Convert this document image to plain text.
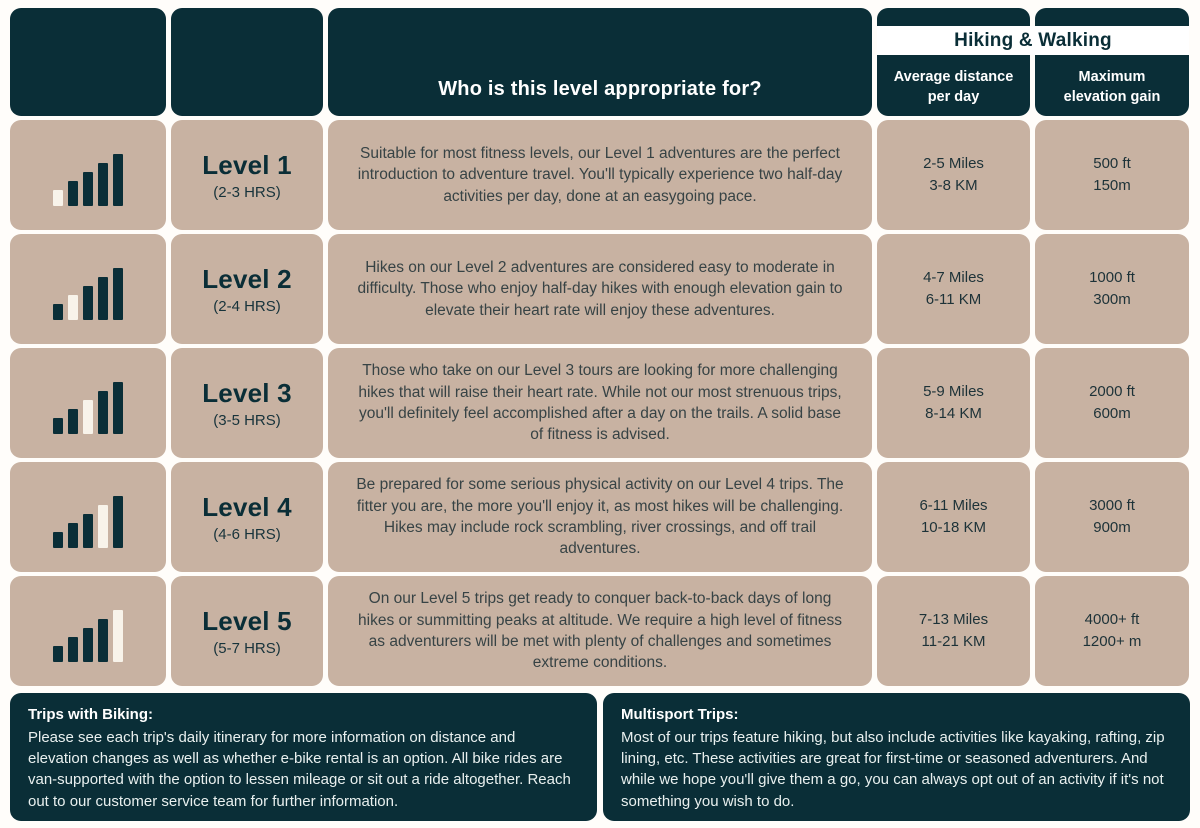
Who is this level appropriate for?
Average distance per day
Maximum elevation gain
Hiking & Walking
Level 1
(2-3 HRS)

Suitable for most fitness levels, our Level 1 adventures are the perfect introduction to adventure travel. You'll typically experience two half-day activities per day, done at an easygoing pace.

2-5 Miles
3-8 KM
500 ft
150m
Level 2
(2-4 HRS)

Hikes on our Level 2 adventures are considered easy to moderate in difficulty. Those who enjoy half-day hikes with enough elevation gain to elevate their heart rate will enjoy these adventures.

4-7 Miles
6-11 KM
1000 ft
300m
Level 3
(3-5 HRS)

Those who take on our Level 3 tours are looking for more challenging hikes that will raise their heart rate. While not our most strenuous trips, you'll definitely feel accomplished after a day on the trails. A solid base of fitness is advised.

5-9 Miles
8-14 KM
2000 ft
600m
Level 4
(4-6 HRS)

Be prepared for some serious physical activity on our Level 4 trips. The fitter you are, the more you'll enjoy it, as most hikes will be challenging. Hikes may include rock scrambling, river crossings, and off trail adventures.

6-11 Miles
10-18 KM
3000 ft
900m
Level 5
(5-7 HRS)

On our Level 5 trips get ready to conquer back-to-back days of long hikes or summitting peaks at altitude. We require a high level of fitness as adventurers will be met with plenty of challenges and sometimes extreme conditions.

7-13 Miles
11-21 KM
4000+ ft
1200+ m

Trips with Biking:

Please see each trip's daily itinerary for more information on distance and elevation changes as well as whether e-bike rental is an option. All bike rides are van-supported with the option to lessen mileage or sit out a ride altogether. Reach out to our customer service team for further information.

Multisport Trips:

Most of our trips feature hiking, but also include activities like kayaking, rafting, zip lining, etc. These activities are great for first-time or seasoned adventurers. And while we hope you'll give them a go, you can always opt out of an activity if it's not something you wish to do.
